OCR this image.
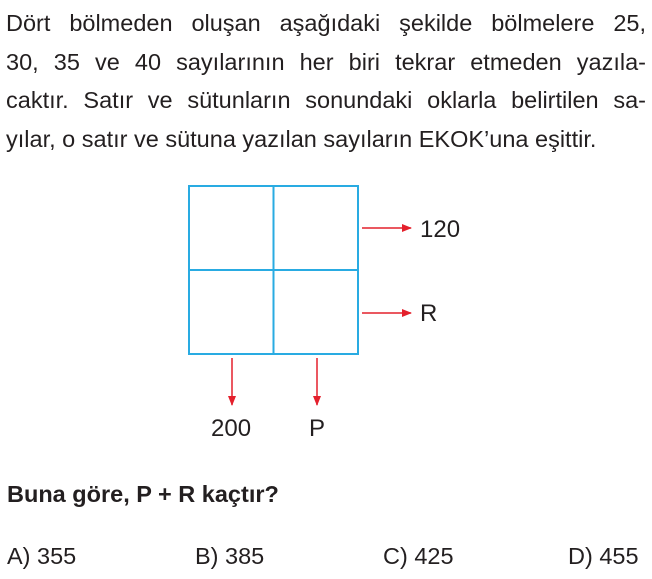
Dört bölmeden oluşan aşağıdaki şekilde bölmelere 25,
30, 35 ve 40 sayılarının her biri tekrar etmeden yazıla-
caktır. Satır ve sütunların sonundaki oklarla belirtilen sa-
yılar, o satır ve sütuna yazılan sayıların EKOK’una eşittir.
120
R
200 P

Buna göre, P + R kaçtır?

A) 355	B) 385	C) 425	D) 455
